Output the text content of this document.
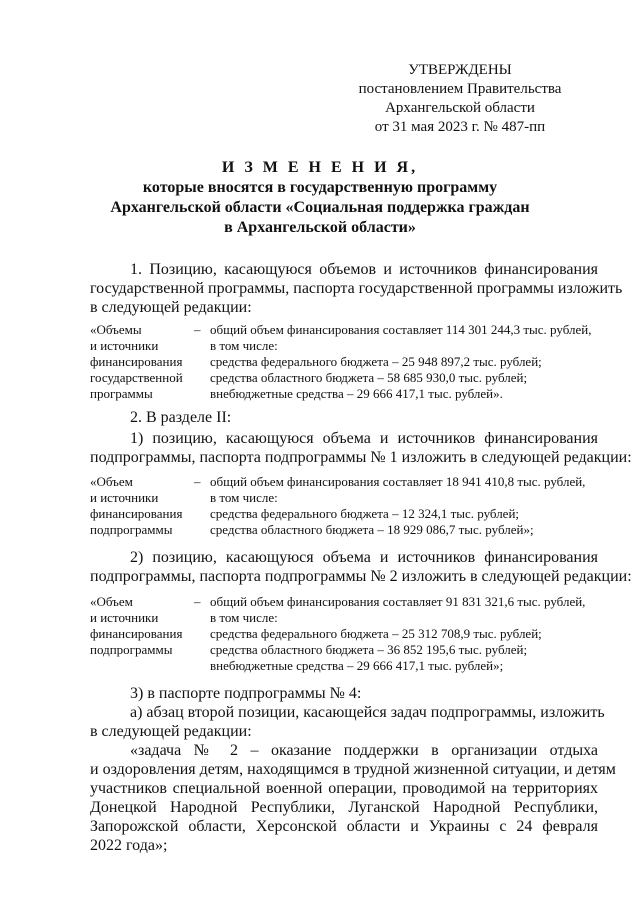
УТВЕРЖДЕНЫ
постановлением Правительства
Архангельской области
от 31 мая 2023 г. № 487-пп
И З М Е Н Е Н И Я,
которые вносятся в государственную программу
Архангельской области «Социальная поддержка граждан
в Архангельской области»
1. Позицию, касающуюся объемов и источников финансирования
государственной программы, паспорта государственной программы изложить
в следующей редакции:
«Объемы
и источники
финансирования
государственной
программы
– общий объем финансирования составляет 114 301 244,3 тыс. рублей,
в том числе:
средства федерального бюджета – 25 948 897,2 тыс. рублей;
средства областного бюджета – 58 685 930,0 тыс. рублей;
внебюджетные средства – 29 666 417,1 тыс. рублей».
2. В разделе II:
1) позицию, касающуюся объема и источников финансирования
подпрограммы, паспорта подпрограммы № 1 изложить в следующей редакции:
«Объем
и источники
финансирования
подпрограммы
– общий объем финансирования составляет 18 941 410,8 тыс. рублей,
в том числе:
средства федерального бюджета – 12 324,1 тыс. рублей;
средства областного бюджета – 18 929 086,7 тыс. рублей»;
2) позицию, касающуюся объема и источников финансирования
подпрограммы, паспорта подпрограммы № 2 изложить в следующей редакции:
«Объем
и источники
финансирования
подпрограммы
– общий объем финансирования составляет 91 831 321,6 тыс. рублей,
в том числе:
средства федерального бюджета – 25 312 708,9 тыс. рублей;
средства областного бюджета – 36 852 195,6 тыс. рублей;
внебюджетные средства – 29 666 417,1 тыс. рублей»;
3) в паспорте подпрограммы № 4:
а) абзац второй позиции, касающейся задач подпрограммы, изложить
в следующей редакции:
«задача № 2 – оказание поддержки в организации отдыха
и оздоровления детям, находящимся в трудной жизненной ситуации, и детям
участников специальной военной операции, проводимой на территориях
Донецкой Народной Республики, Луганской Народной Республики,
Запорожской области, Херсонской области и Украины с 24 февраля
2022 года»;
